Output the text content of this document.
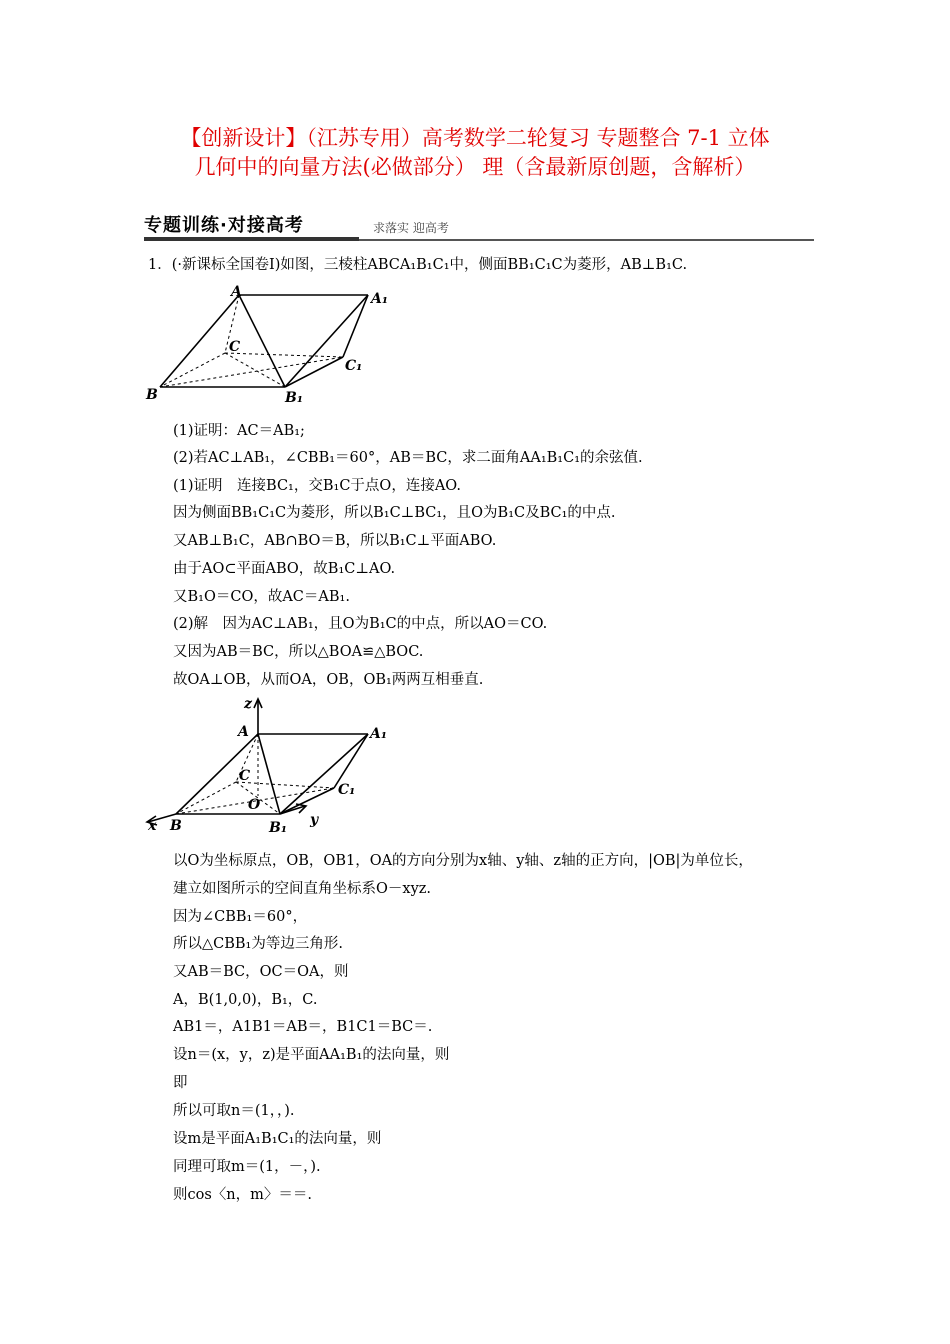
【创新设计】（江苏专用）高考数学二轮复习 专题整合 7-1 立体
几何中的向量方法(必做部分） 理（含最新原创题，含解析）
专题训练·对接高考	求落实 迎高考
1．(·新课标全国卷Ⅰ)如图，三棱柱ABCA₁B₁C₁中，侧面BB₁C₁C为菱形，AB⊥B₁C.
A	A₁
C
C₁
B	B₁
(1)证明：AC＝AB₁;
(2)若AC⊥AB₁，∠CBB₁＝60°，AB＝BC，求二面角AA₁B₁C₁的余弦值.
(1)证明　连接BC₁，交B₁C于点O，连接AO.
因为侧面BB₁C₁C为菱形，所以B₁C⊥BC₁，且O为B₁C及BC₁的中点.
又AB⊥B₁C，AB∩BO＝B，所以B₁C⊥平面ABO.
由于AO⊂平面ABO，故B₁C⊥AO.
又B₁O＝CO，故AC＝AB₁.
(2)解　因为AC⊥AB₁，且O为B₁C的中点，所以AO＝CO.
又因为AB＝BC，所以△BOA≌△BOC.
故OA⊥OB，从而OA，OB，OB₁两两互相垂直.
z
A	A₁
C
C₁
O
x B	B₁ y
以O为坐标原点，OB，OB1，OA的方向分别为x轴、y轴、z轴的正方向，|OB|为单位长，
建立如图所示的空间直角坐标系O－xyz.
因为∠CBB₁＝60°，
所以△CBB₁为等边三角形.
又AB＝BC，OC＝OA，则
A，B(1,0,0)，B₁，C.
AB1＝，A1B1＝AB＝，B1C1＝BC＝.
设n＝(x，y，z)是平面AA₁B₁的法向量，则
即
所以可取n＝(1，，).
设m是平面A₁B₁C₁的法向量，则
同理可取m＝(1，－，).
则cos〈n，m〉＝＝.
